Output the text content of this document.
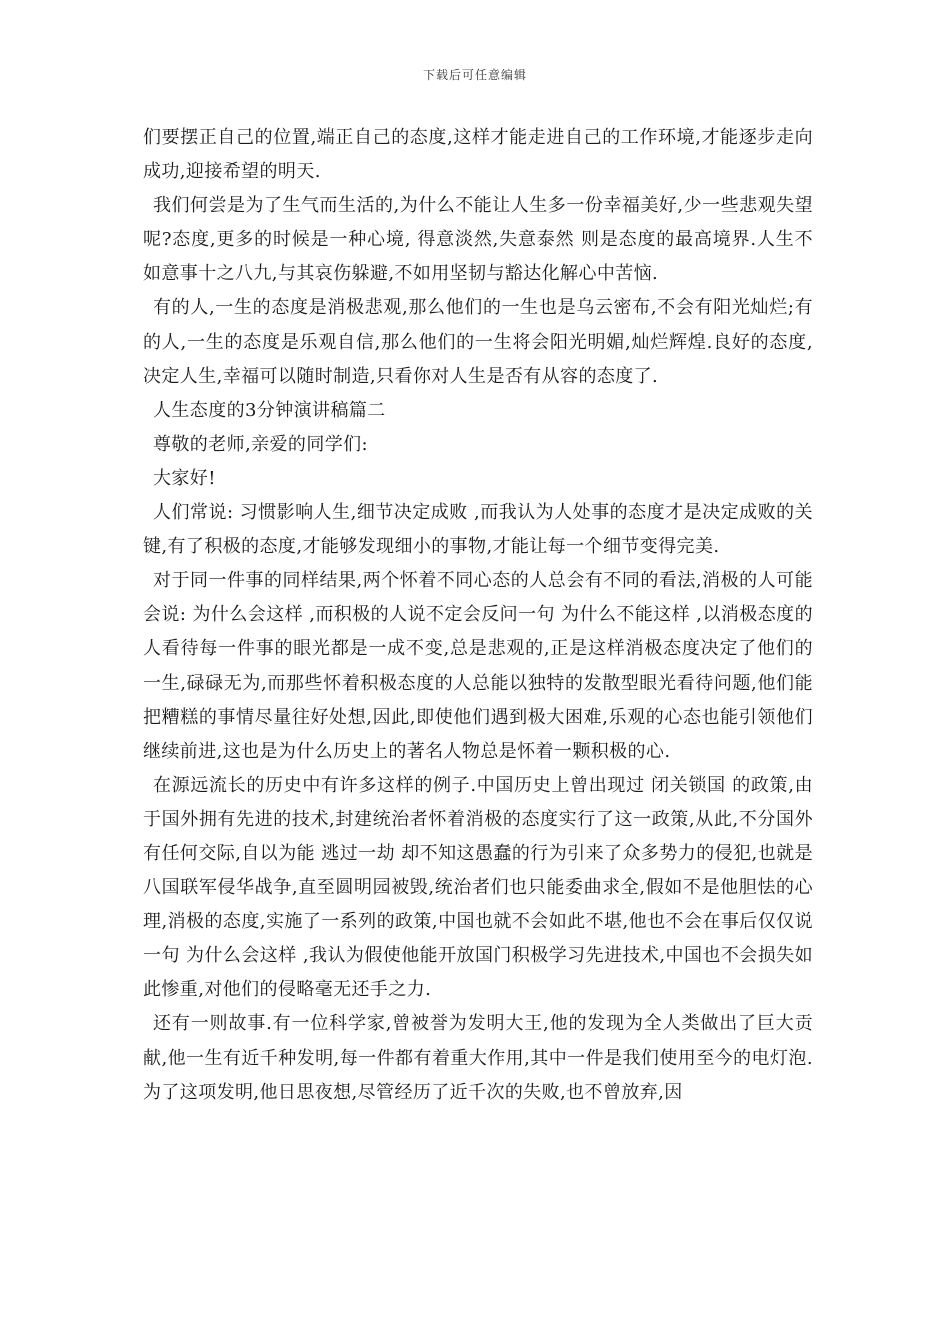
下载后可任意编辑

们要摆正自己的位置,端正自己的态度,这样才能走进自己的工作环境,才能逐步走向成功,迎接希望的明天.

我们何尝是为了生气而生活的,为什么不能让人生多一份幸福美好,少一些悲观失望呢?态度,更多的时候是一种心境, 得意淡然,失意泰然 则是态度的最高境界.人生不如意事十之八九,与其哀伤躲避,不如用坚韧与豁达化解心中苦恼.

有的人,一生的态度是消极悲观,那么他们的一生也是乌云密布,不会有阳光灿烂;有的人,一生的态度是乐观自信,那么他们的一生将会阳光明媚,灿烂辉煌.良好的态度,决定人生,幸福可以随时制造,只看你对人生是否有从容的态度了.

人生态度的3分钟演讲稿篇二

尊敬的老师,亲爱的同学们:

大家好!

人们常说: 习惯影响人生,细节决定成败 ,而我认为人处事的态度才是决定成败的关键,有了积极的态度,才能够发现细小的事物,才能让每一个细节变得完美.

对于同一件事的同样结果,两个怀着不同心态的人总会有不同的看法,消极的人可能会说: 为什么会这样 ,而积极的人说不定会反问一句 为什么不能这样 ,以消极态度的人看待每一件事的眼光都是一成不变,总是悲观的,正是这样消极态度决定了他们的一生,碌碌无为,而那些怀着积极态度的人总能以独特的发散型眼光看待问题,他们能把糟糕的事情尽量往好处想,因此,即使他们遇到极大困难,乐观的心态也能引领他们继续前进,这也是为什么历史上的著名人物总是怀着一颗积极的心.

在源远流长的历史中有许多这样的例子.中国历史上曾出现过 闭关锁国 的政策,由于国外拥有先进的技术,封建统治者怀着消极的态度实行了这一政策,从此,不分国外有任何交际,自以为能 逃过一劫 却不知这愚蠢的行为引来了众多势力的侵犯,也就是八国联军侵华战争,直至圆明园被毁,统治者们也只能委曲求全,假如不是他胆怯的心理,消极的态度,实施了一系列的政策,中国也就不会如此不堪,他也不会在事后仅仅说一句 为什么会这样 ,我认为假使他能开放国门积极学习先进技术,中国也不会损失如此惨重,对他们的侵略毫无还手之力.

还有一则故事.有一位科学家,曾被誉为发明大王,他的发现为全人类做出了巨大贡献,他一生有近千种发明,每一件都有着重大作用,其中一件是我们使用至今的电灯泡.为了这项发明,他日思夜想,尽管经历了近千次的失败,也不曾放弃,因
